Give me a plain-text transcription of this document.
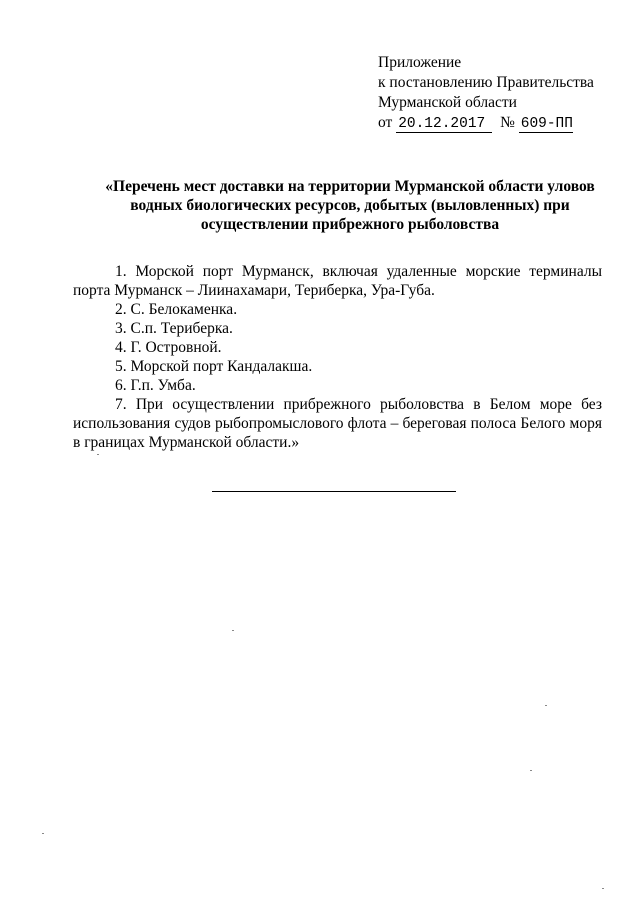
Приложение
к постановлению Правительства
Мурманской области
от 20.12.2017 № 609-ПП
«Перечень мест доставки на территории Мурманской области уловов
водных биологических ресурсов, добытых (выловленных) при
осуществлении прибрежного рыболовства

1. Морской порт Мурманск, включая удаленные морские терминалы порта Мурманск – Лиинахамари, Териберка, Ура-Губа.

2. С. Белокаменка.

3. С.п. Териберка.

4. Г. Островной.

5. Морской порт Кандалакша.

6. Г.п. Умба.

7. При осуществлении прибрежного рыболовства в Белом море без использования судов рыбопромыслового флота – береговая полоса Белого моря в границах Мурманской области.»
